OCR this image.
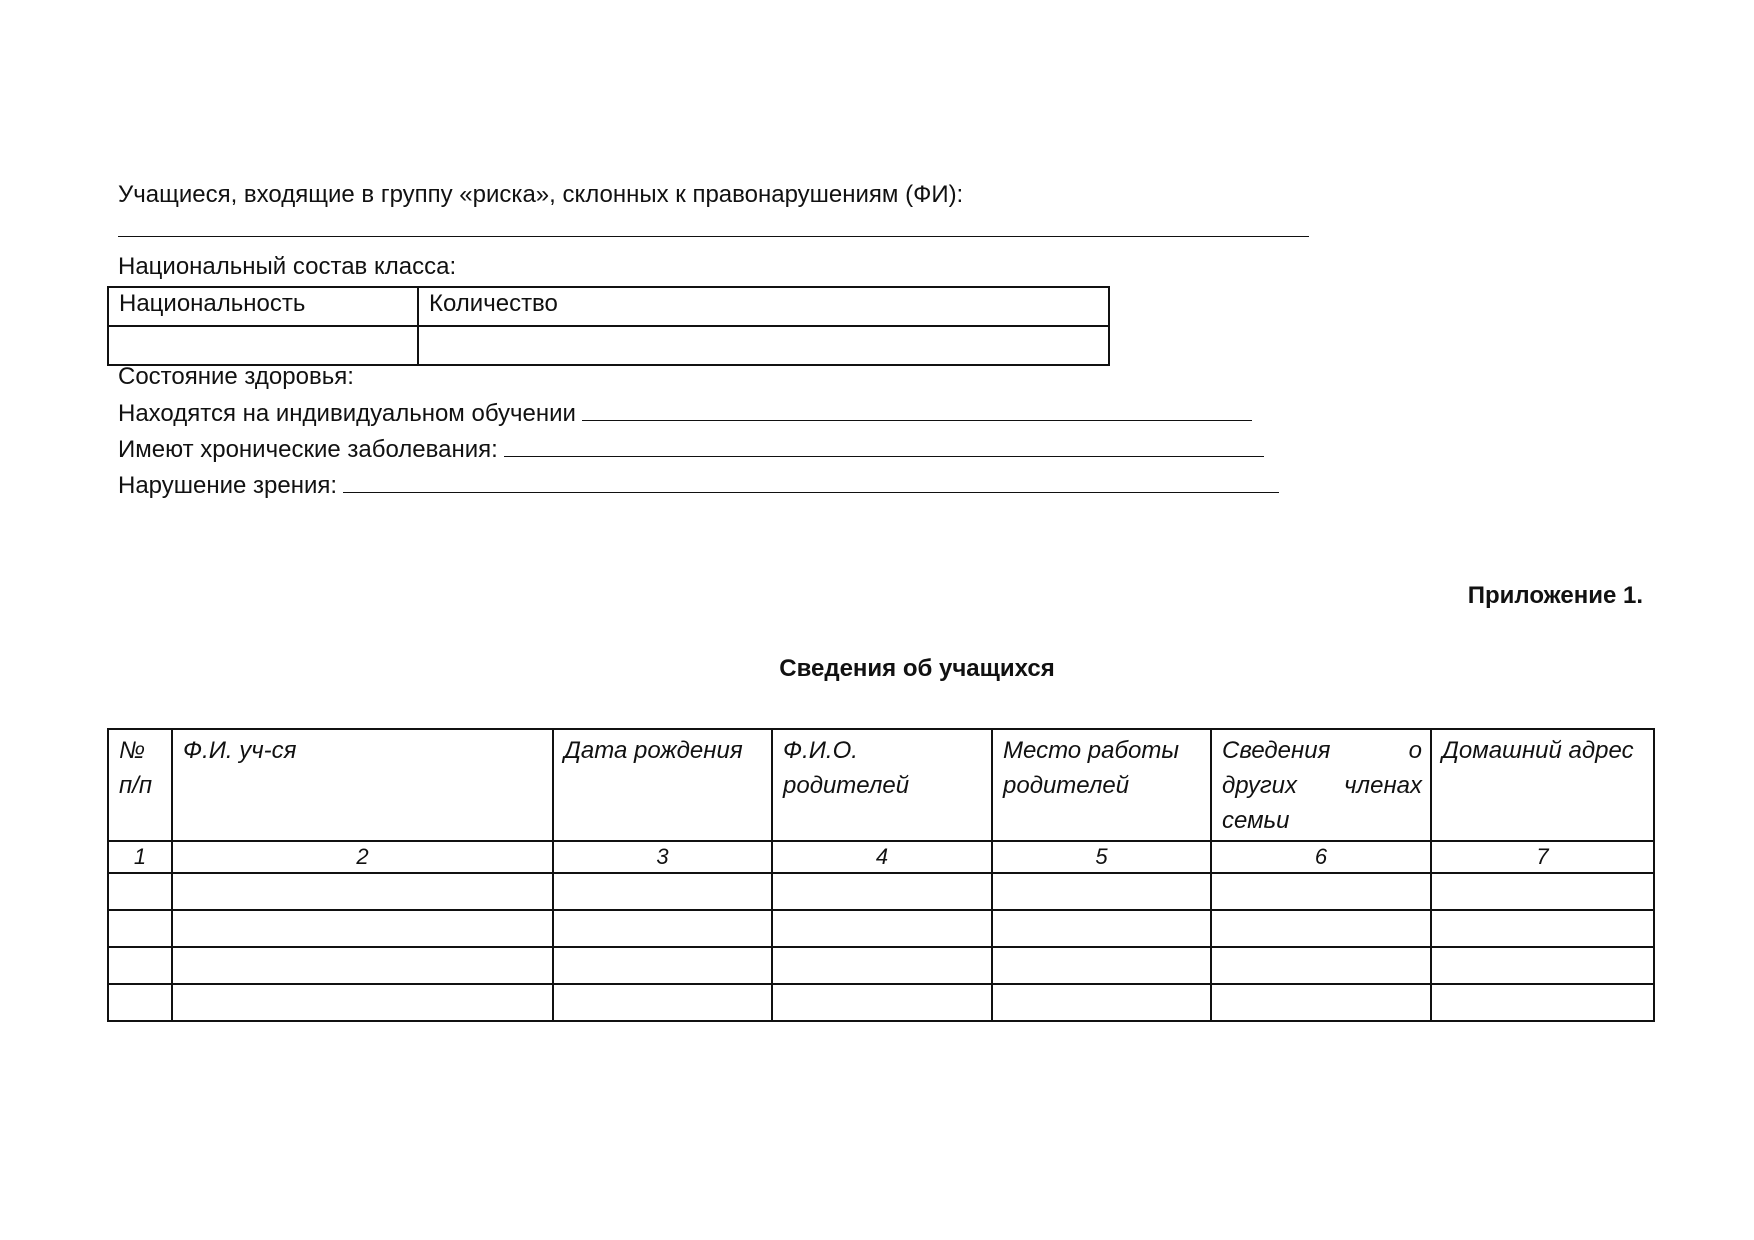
Учащиеся, входящие в группу «риска», склонных к правонарушениям (ФИ):

Национальный состав класса:

Национальность	Количество

Состояние здоровья:

Находятся на индивидуальном обучении
Имеют хронические заболевания:
Нарушение зрения:
Приложение 1.
Сведения об учащихся
№ п/п	Ф.И. уч-ся	Дата рождения	Ф.И.О. родителей	Место работы родителей	Сведения о других членах семьи	Домашний адрес
1	2	3	4	5	6	7
